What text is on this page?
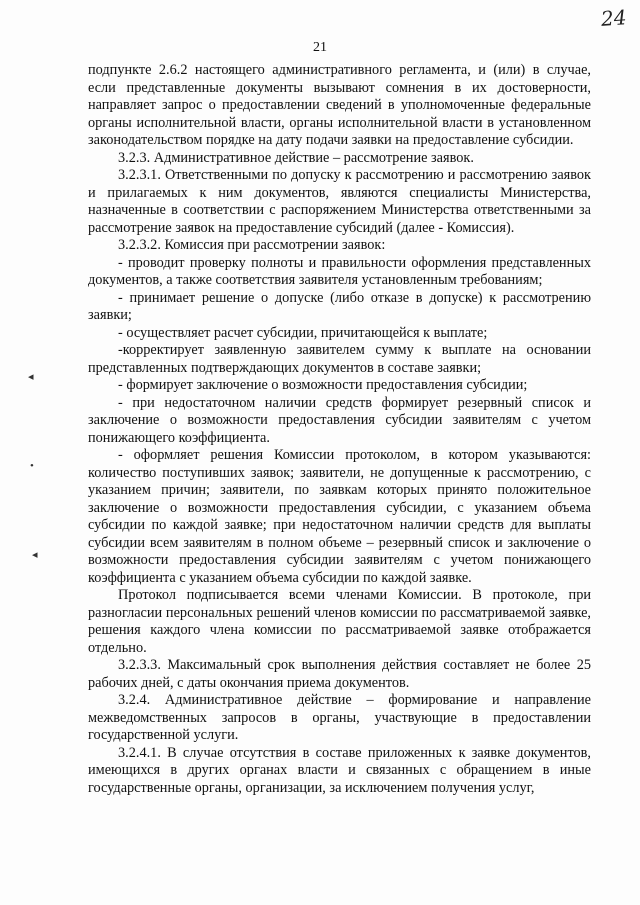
24
21
◂
•
◂

подпункте 2.6.2 настоящего административного регламента, и (или) в случае, если представленные документы вызывают сомнения в их достоверности, направляет запрос о предоставлении сведений в уполномоченные федеральные органы исполнительной власти, органы исполнительной власти в установленном законодательством порядке на дату подачи заявки на предоставление субсидии.

3.2.3. Административное действие – рассмотрение заявок.

3.2.3.1. Ответственными по допуску к рассмотрению и рассмотрению заявок и прилагаемых к ним документов, являются специалисты Министерства, назначенные в соответствии с распоряжением Министерства ответственными за рассмотрение заявок на предоставление субсидий (далее - Комиссия).

3.2.3.2. Комиссия при рассмотрении заявок:

- проводит проверку полноты и правильности оформления представленных документов, а также соответствия заявителя установленным требованиям;

- принимает решение о допуске (либо отказе в допуске) к рассмотрению заявки;

- осуществляет расчет субсидии, причитающейся к выплате;

-корректирует заявленную заявителем сумму к выплате на основании представленных подтверждающих документов в составе заявки;

- формирует заключение о возможности предоставления субсидии;

- при недостаточном наличии средств формирует резервный список и заключение о возможности предоставления субсидии заявителям с учетом понижающего коэффициента.

- оформляет решения Комиссии протоколом, в котором указываются: количество поступивших заявок; заявители, не допущенные к рассмотрению, с указанием причин; заявители, по заявкам которых принято положительное заключение о возможности предоставления субсидии, с указанием объема субсидии по каждой заявке; при недостаточном наличии средств для выплаты субсидии всем заявителям в полном объеме – резервный список и заключение о возможности предоставления субсидии заявителям с учетом понижающего коэффициента с указанием объема субсидии по каждой заявке.

Протокол подписывается всеми членами Комиссии. В протоколе, при разногласии персональных решений членов комиссии по рассматриваемой заявке, решения каждого члена комиссии по рассматриваемой заявке отображается отдельно.

3.2.3.3. Максимальный срок выполнения действия составляет не более 25 рабочих дней, с даты окончания приема документов.

3.2.4. Административное действие – формирование и направление межведомственных запросов в органы, участвующие в предоставлении государственной услуги.

3.2.4.1. В случае отсутствия в составе приложенных к заявке документов, имеющихся в других органах власти и связанных с обращением в иные государственные органы, организации, за исключением получения услуг,
